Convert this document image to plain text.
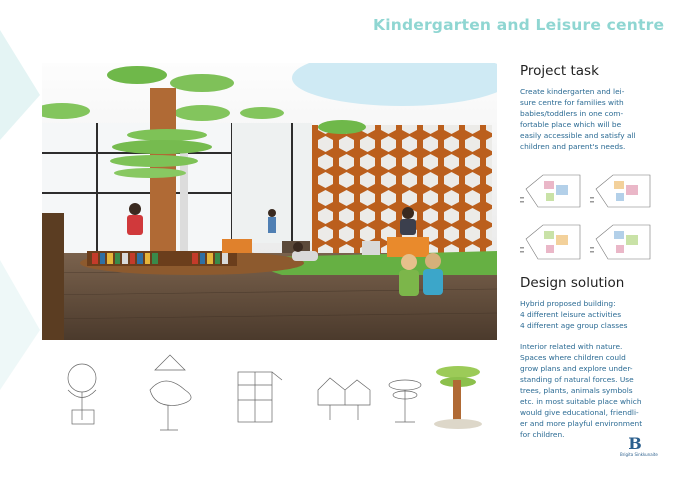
Kindergarten and Leisure centre
Project task
Create kindergarten and lei-
sure centre for families with
babies/toddlers in one com-
fortable place which will be
easily accessible and satisfy all
children and parent's needs.
Design solution
Hybrid proposed building:
4 different leisure activities
4 different age group classes
Interior related with nature.
Spaces where children could
grow plans and explore under-
standing of natural forces. Use
trees, plants, animals symbols
etc. in most suitable place which
would give educational, friendli-
er and more playful environment
for children.	B
Brigita Sinkkunaite
